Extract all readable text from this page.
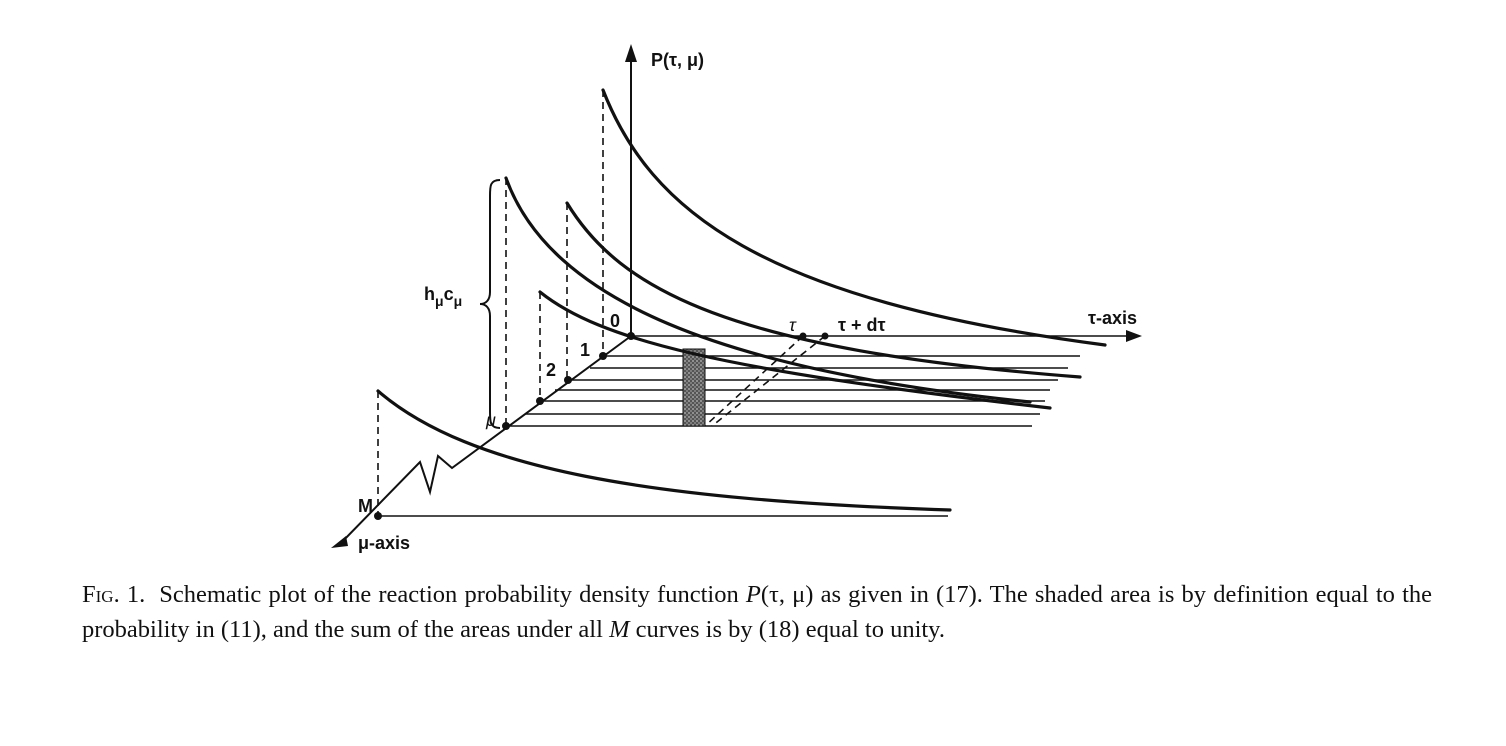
P(τ, μ)
τ-axis
μ-axis
τ τ + dτ
$h_\mu c_\mu$
0
1
2
μ
M

Fig. 1. Schematic plot of the reaction probability density function P(τ, μ) as given in (17). The shaded area is by definition equal to the probability in (11), and the sum of the areas under all M curves is by (18) equal to unity.
